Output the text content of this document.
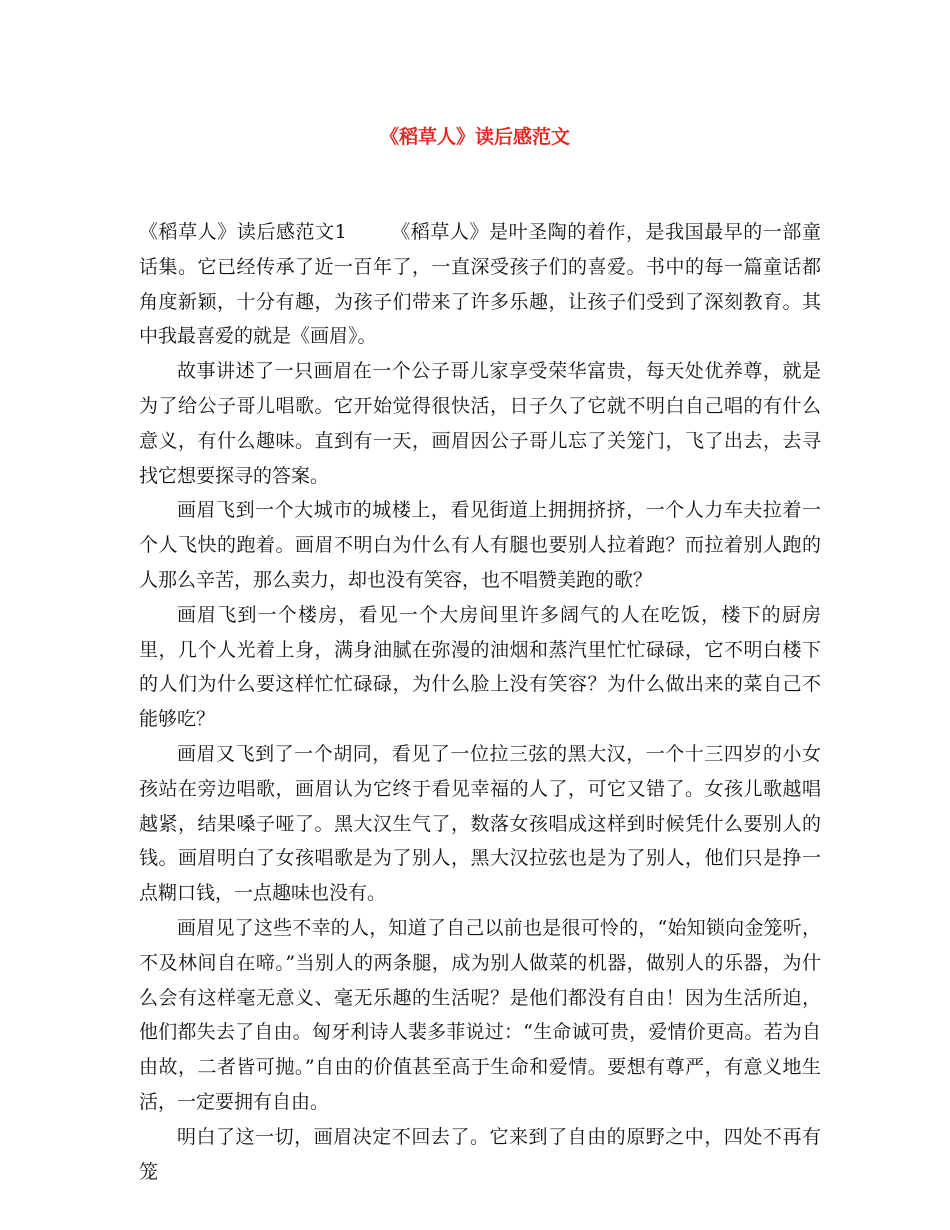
《稻草人》读后感范文

《稻草人》读后感范文1 《稻草人》是叶圣陶的着作，是我国最早的一部童话集。它已经传承了近一百年了，一直深受孩子们的喜爱。书中的每一篇童话都角度新颖，十分有趣，为孩子们带来了许多乐趣，让孩子们受到了深刻教育。其中我最喜爱的就是《画眉》。

故事讲述了一只画眉在一个公子哥儿家享受荣华富贵，每天处优养尊，就是为了给公子哥儿唱歌。它开始觉得很快活，日子久了它就不明白自己唱的有什么意义，有什么趣味。直到有一天，画眉因公子哥儿忘了关笼门，飞了出去，去寻找它想要探寻的答案。

画眉飞到一个大城市的城楼上，看见街道上拥拥挤挤，一个人力车夫拉着一个人飞快的跑着。画眉不明白为什么有人有腿也要别人拉着跑？而拉着别人跑的人那么辛苦，那么卖力，却也没有笑容，也不唱赞美跑的歌？

画眉飞到一个楼房，看见一个大房间里许多阔气的人在吃饭，楼下的厨房里，几个人光着上身，满身油腻在弥漫的油烟和蒸汽里忙忙碌碌，它不明白楼下的人们为什么要这样忙忙碌碌，为什么脸上没有笑容？为什么做出来的菜自己不能够吃？

画眉又飞到了一个胡同，看见了一位拉三弦的黑大汉，一个十三四岁的小女孩站在旁边唱歌，画眉认为它终于看见幸福的人了，可它又错了。女孩儿歌越唱越紧，结果嗓子哑了。黑大汉生气了，数落女孩唱成这样到时候凭什么要别人的钱。画眉明白了女孩唱歌是为了别人，黑大汉拉弦也是为了别人，他们只是挣一点糊口钱，一点趣味也没有。

画眉见了这些不幸的人，知道了自己以前也是很可怜的，“始知锁向金笼听，不及林间自在啼。”当别人的两条腿，成为别人做菜的机器，做别人的乐器，为什么会有这样毫无意义、毫无乐趣的生活呢？是他们都没有自由！因为生活所迫，他们都失去了自由。匈牙利诗人裴多菲说过：“生命诚可贵，爱情价更高。若为自由故，二者皆可抛。”自由的价值甚至高于生命和爱情。要想有尊严，有意义地生活，一定要拥有自由。

明白了这一切，画眉决定不回去了。它来到了自由的原野之中，四处不再有笼
